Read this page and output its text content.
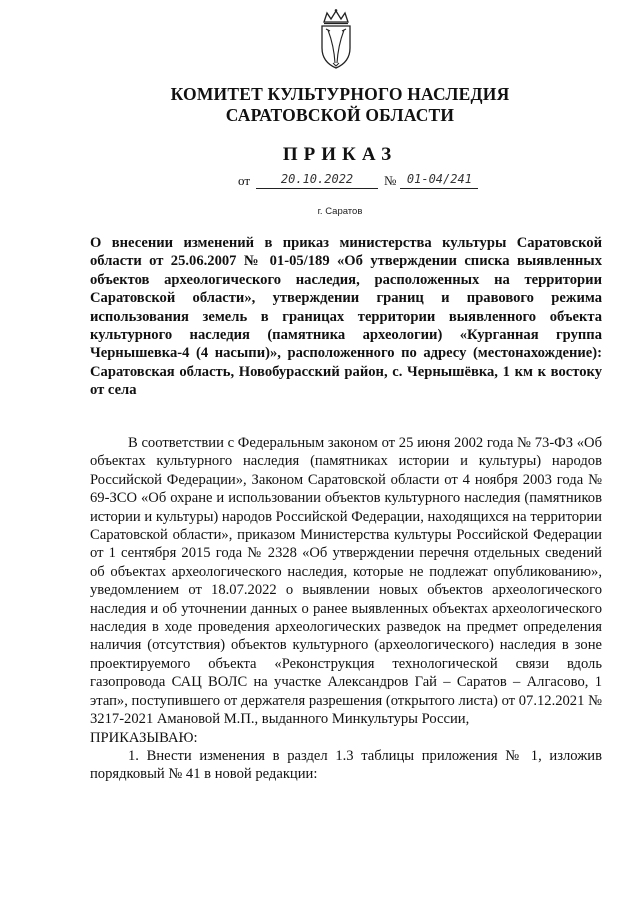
КОМИТЕТ КУЛЬТУРНОГО НАСЛЕДИЯ
САРАТОВСКОЙ ОБЛАСТИ
ПРИКАЗ
от	20.10.2022 № 01-04/241
г. Саратов
О внесении изменений в приказ министерства культуры Саратовской области от 25.06.2007 № 01-05/189 «Об утверждении списка выявленных объектов археологического наследия, расположенных на территории Саратовской области», утверждении границ и правового режима использования земель в границах территории выявленного объекта культурного наследия (памятника археологии) «Курганная группа Чернышевка-4 (4 насыпи)», расположенного по адресу (местонахождение): Саратовская область, Новобурасский район, с. Чернышёвка, 1 км к востоку от села

В соответствии с Федеральным законом от 25 июня 2002 года № 73-ФЗ «Об объектах культурного наследия (памятниках истории и культуры) народов Российской Федерации», Законом Саратовской области от 4 ноября 2003 года № 69-ЗСО «Об охране и использовании объектов культурного наследия (памятников истории и культуры) народов Российской Федерации, находящихся на территории Саратовской области», приказом Министерства культуры Российской Федерации от 1 сентября 2015 года № 2328 «Об утверждении перечня отдельных сведений об объектах археологического наследия, которые не подлежат опубликованию», уведомлением от 18.07.2022 о выявлении новых объектов археологического наследия и об уточнении данных о ранее выявленных объектах археологического наследия в ходе проведения археологических разведок на предмет определения наличия (отсутствия) объектов культурного (археологического) наследия в зоне проектируемого объекта «Реконструкция технологической связи вдоль газопровода САЦ ВОЛС на участке Александров Гай – Саратов – Алгасово, 1 этап», поступившего от держателя разрешения (открытого листа) от 07.12.2021 № 3217-2021 Амановой М.П., выданного Минкультуры России,

ПРИКАЗЫВАЮ:

1. Внести изменения в раздел 1.3 таблицы приложения № 1, изложив порядковый № 41 в новой редакции:
